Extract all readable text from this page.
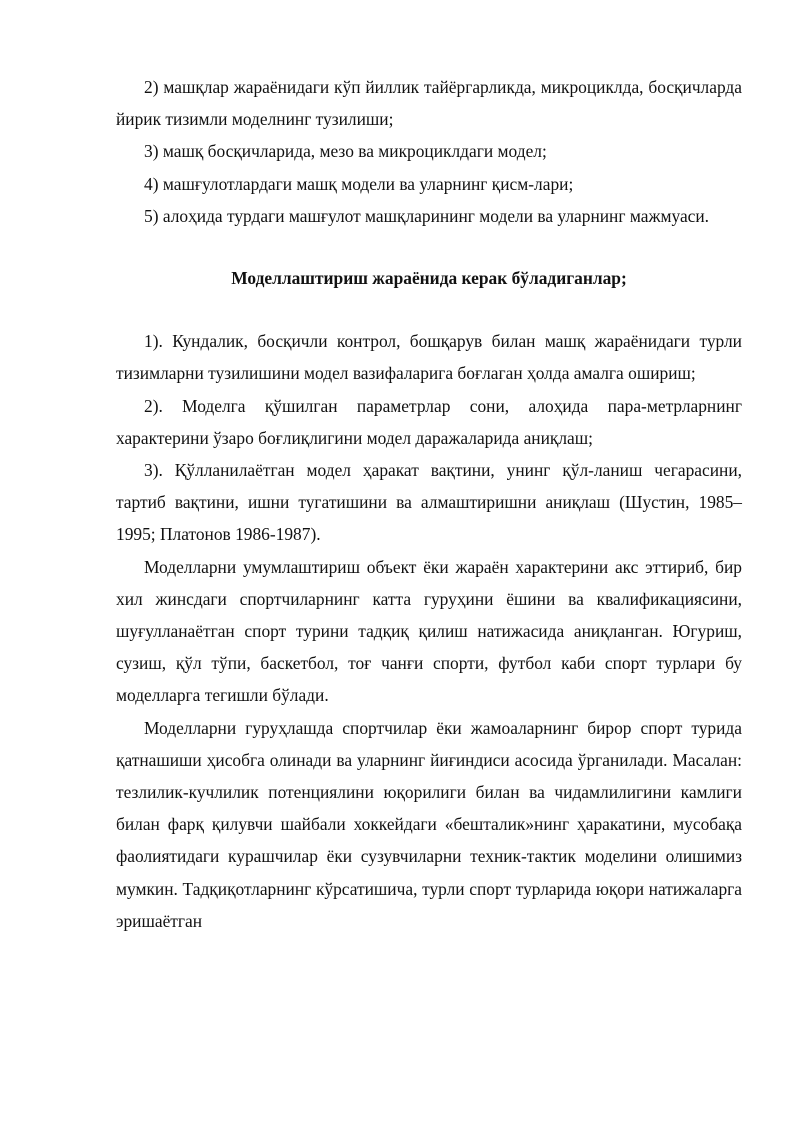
2) машқлар жараёнидаги кўп йиллик тайёргарликда, микроциклда, босқичларда йирик тизимли моделнинг тузилиши;

3) машқ босқичларида, мезо ва микроциклдаги модел;

4) машғулотлардаги машқ модели ва уларнинг қисм-лари;

5) алоҳида турдаги машғулот машқларининг модели ва уларнинг мажмуаси.

Моделлаштириш жараёнида керак бўладиганлар;

1). Кундалик, босқичли контрол, бошқарув билан машқ жараёнидаги турли тизимларни тузилишини модел вазифаларига боғлаган ҳолда амалга ошириш;

2). Моделга қўшилган параметрлар сони, алоҳида пара-метрларнинг характерини ўзаро боғлиқлигини модел даражаларида аниқлаш;

3). Қўлланилаётган модел ҳаракат вақтини, унинг қўл-ланиш чегарасини, тартиб вақтини, ишни тугатишини ва алмаштиришни аниқлаш (Шустин, 1985–1995; Платонов 1986-1987).

Моделларни умумлаштириш объект ёки жараён характерини акс эттириб, бир хил жинсдаги спортчиларнинг катта гуруҳини ёшини ва квалификациясини, шуғулланаётган спорт турини тадқиқ қилиш натижасида аниқланган. Югуриш, сузиш, қўл тўпи, баскетбол, тоғ чанғи спорти, футбол каби спорт турлари бу моделларга тегишли бўлади.

Моделларни гуруҳлашда спортчилар ёки жамоаларнинг бирор спорт турида қатнашиши ҳисобга олинади ва уларнинг йиғиндиси асосида ўрганилади. Масалан: тезлилик-кучлилик потенциялини юқорилиги билан ва чидамлилигини камлиги билан фарқ қилувчи шайбали хоккейдаги «бешталик»нинг ҳаракатини, мусобақа фаолиятидаги курашчилар ёки сузувчиларни техник-тактик моделини олишимиз мумкин. Тадқиқотларнинг кўрсатишича, турли спорт турларида юқори натижаларга эришаётган
